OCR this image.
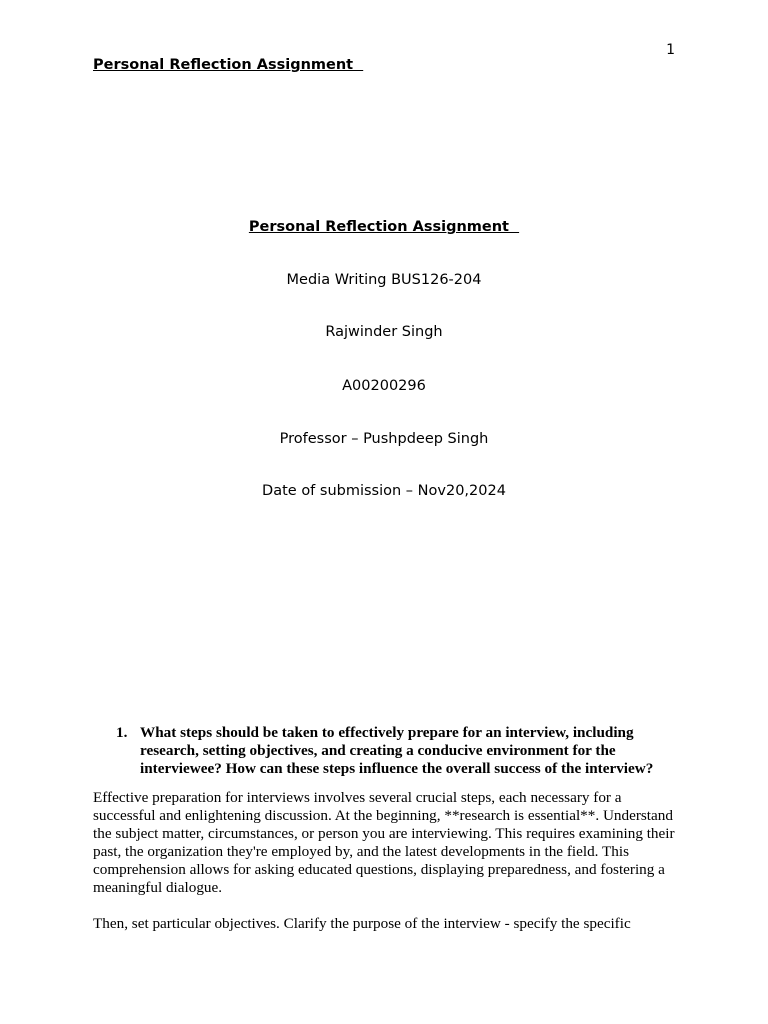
1
Personal Reflection Assignment
Personal Reflection Assignment
Media Writing BUS126-204
Rajwinder Singh
A00200296
Professor – Pushpdeep Singh
Date of submission – Nov20,2024
1. What steps should be taken to effectively prepare for an interview, including research, setting objectives, and creating a conducive environment for the interviewee? How can these steps influence the overall success of the interview?
Effective preparation for interviews involves several crucial steps, each necessary for a successful and enlightening discussion. At the beginning, **research is essential**. Understand the subject matter, circumstances, or person you are interviewing. This requires examining their past, the organization they're employed by, and the latest developments in the field. This comprehension allows for asking educated questions, displaying preparedness, and fostering a meaningful dialogue.
Then, set particular objectives. Clarify the purpose of the interview - specify the specific
